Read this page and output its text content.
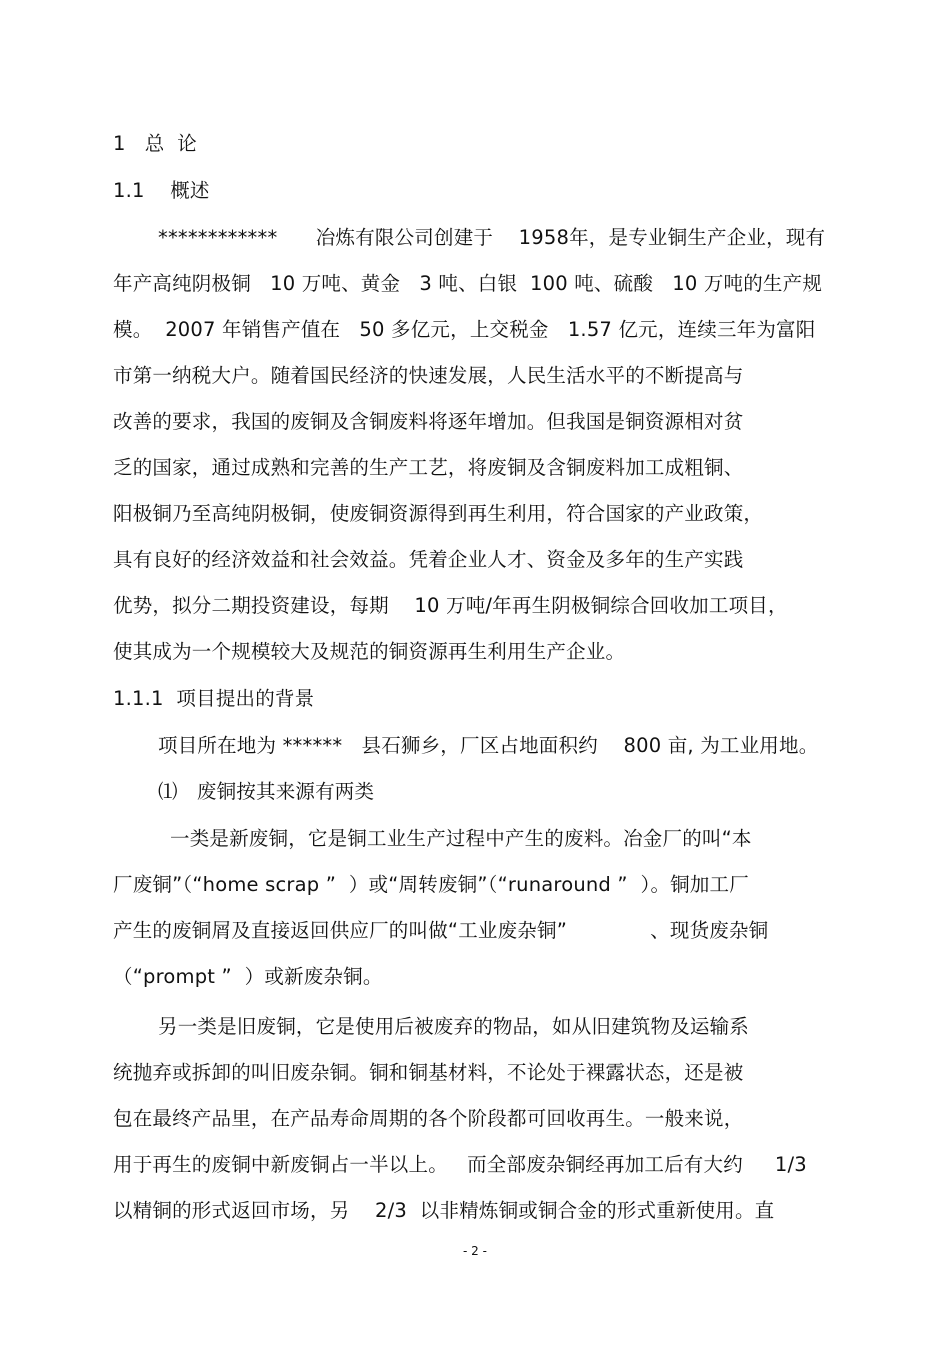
1   总  论
1.1    概述
************      冶炼有限公司创建于    1958年，是专业铜生产企业，现有
年产高纯阴极铜   10 万吨、黄金   3 吨、白银  100 吨、硫酸   10 万吨的生产规
模。  2007 年销售产值在   50 多亿元，上交税金   1.57 亿元，连续三年为富阳
市第一纳税大户。随着国民经济的快速发展，人民生活水平的不断提高与
改善的要求，我国的废铜及含铜废料将逐年增加。但我国是铜资源相对贫
乏的国家，通过成熟和完善的生产工艺，将废铜及含铜废料加工成粗铜、
阳极铜乃至高纯阴极铜，使废铜资源得到再生利用，符合国家的产业政策，
具有良好的经济效益和社会效益。凭着企业人才、资金及多年的生产实践
优势，拟分二期投资建设，每期    10 万吨/年再生阴极铜综合回收加工项目，
使其成为一个规模较大及规范的铜资源再生利用生产企业。
1.1.1  项目提出的背景
项目所在地为 ******   县石狮乡，厂区占地面积约    800 亩, 为工业用地。
⑴   废铜按其来源有两类
一类是新废铜，它是铜工业生产过程中产生的废料。冶金厂的叫“本
厂废铜”（“home scrap ”  ）或“周转废铜”（“runaround ”  ）。铜加工厂
产生的废铜屑及直接返回供应厂的叫做“工业废杂铜”             、现货废杂铜
（“prompt ”  ）或新废杂铜。
另一类是旧废铜，它是使用后被废弃的物品，如从旧建筑物及运输系
统抛弃或拆卸的叫旧废杂铜。铜和铜基材料，不论处于裸露状态，还是被
包在最终产品里，在产品寿命周期的各个阶段都可回收再生。一般来说，
用于再生的废铜中新废铜占一半以上。   而全部废杂铜经再加工后有大约     1/3
以精铜的形式返回市场，另    2/3  以非精炼铜或铜合金的形式重新使用。直
- 2 -
